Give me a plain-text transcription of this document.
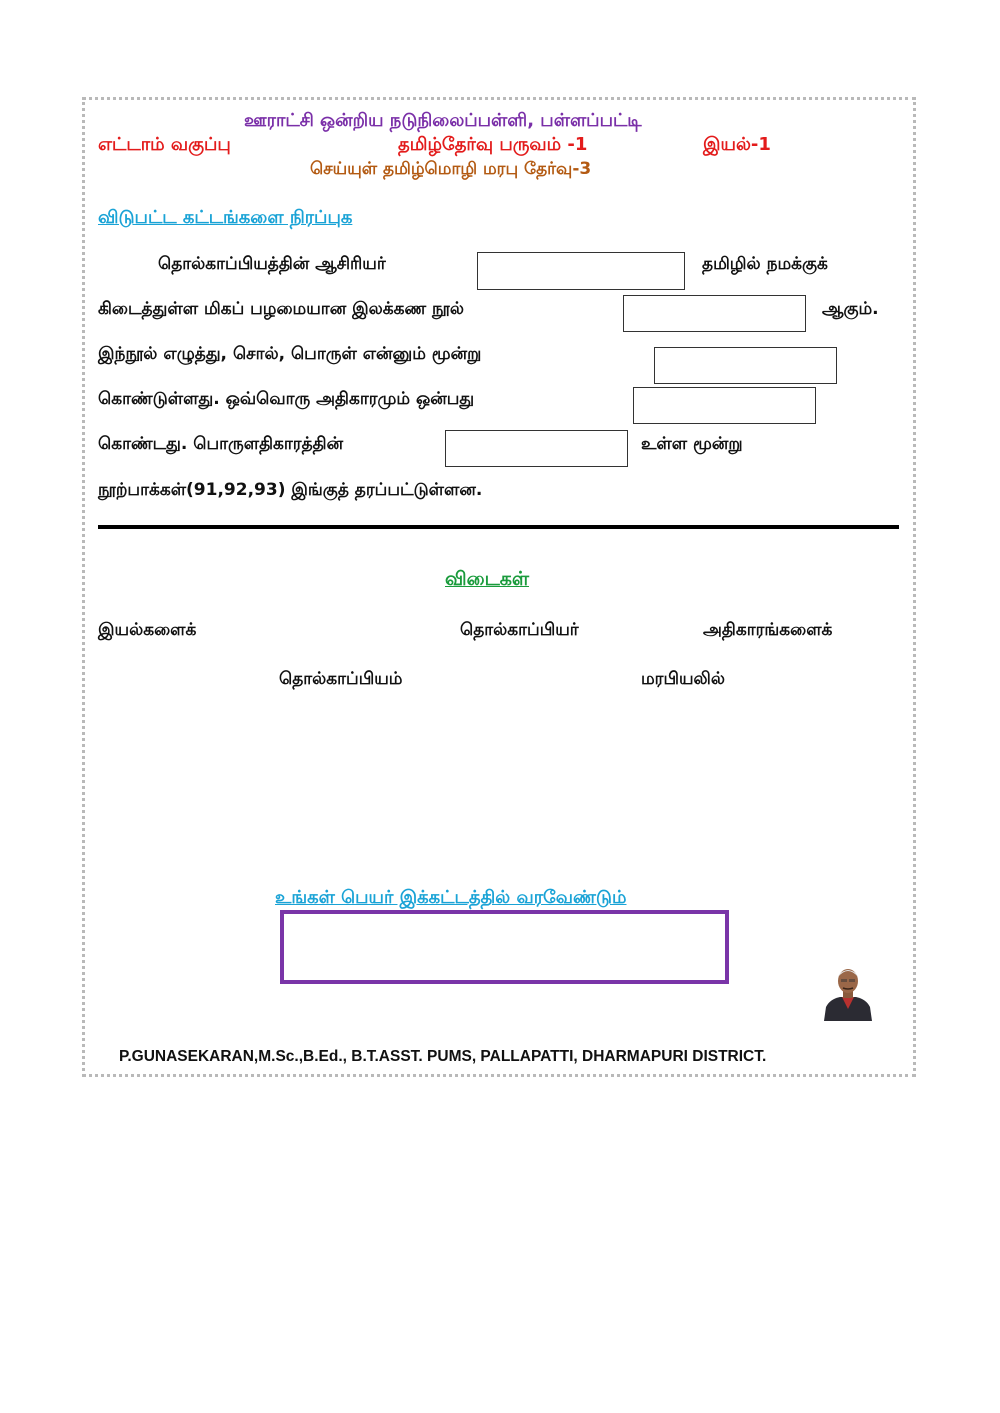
ஊராட்சி ஒன்றிய நடுநிலைப்பள்ளி, பள்ளப்பட்டி
எட்டாம் வகுப்பு	தமிழ்தேர்வு பருவம் -1	இயல்-1
செய்யுள் தமிழ்மொழி மரபு தேர்வு-3
விடுபட்ட கட்டங்களை நிரப்புக
தொல்காப்பியத்தின் ஆசிரியர்	தமிழில் நமக்குக்
கிடைத்துள்ள மிகப் பழமையான இலக்கண நூல்	ஆகும்.
இந்நூல் எழுத்து, சொல், பொருள் என்னும் மூன்று
கொண்டுள்ளது. ஒவ்வொரு அதிகாரமும் ஒன்பது
கொண்டது. பொருளதிகாரத்தின்	உள்ள மூன்று
நூற்பாக்கள்(91,92,93) இங்குத் தரப்பட்டுள்ளன.
விடைகள்
இயல்களைக்	தொல்காப்பியர்	அதிகாரங்களைக்
தொல்காப்பியம்	மரபியலில்
உங்கள் பெயர் இக்கட்டத்தில் வரவேண்டும்
P.GUNASEKARAN,M.Sc.,B.Ed., B.T.ASST. PUMS, PALLAPATTI, DHARMAPURI DISTRICT.
